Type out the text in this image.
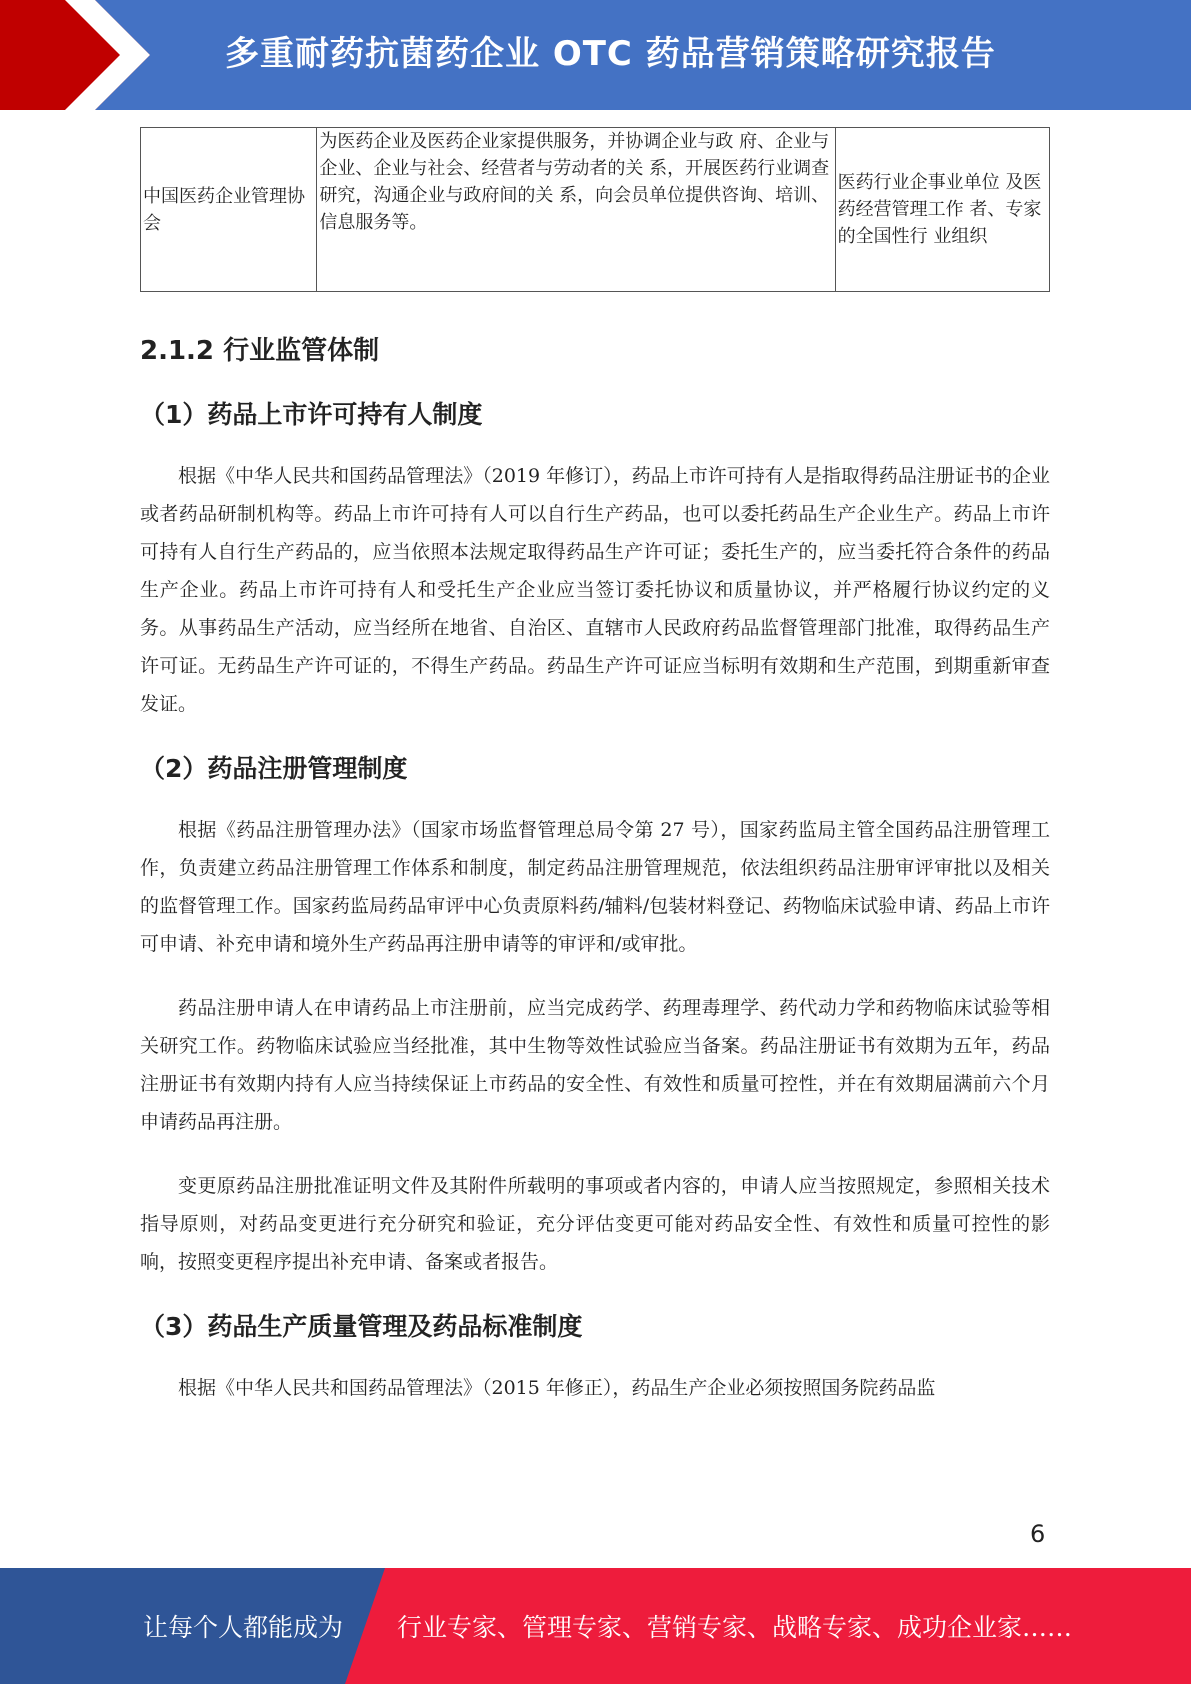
多重耐药抗菌药企业 OTC 药品营销策略研究报告
中国医药企业管理协会	为医药企业及医药企业家提供服务，并协调企业与政 府、企业与企业、企业与社会、经营者与劳动者的关 系，开展医药行业调查研究，沟通企业与政府间的关 系，向会员单位提供咨询、培训、信息服务等。	医药行业企事业单位 及医药经营管理工作 者、专家的全国性行 业组织
2.1.2 行业监管体制
（1）药品上市许可持有人制度

根据《中华人民共和国药品管理法》（2019 年修订），药品上市许可持有人是指取得药品注册证书的企业或者药品研制机构等。药品上市许可持有人可以自行生产药品，也可以委托药品生产企业生产。药品上市许可持有人自行生产药品的，应当依照本法规定取得药品生产许可证；委托生产的，应当委托符合条件的药品生产企业。药品上市许可持有人和受托生产企业应当签订委托协议和质量协议，并严格履行协议约定的义务。从事药品生产活动，应当经所在地省、自治区、直辖市人民政府药品监督管理部门批准，取得药品生产许可证。无药品生产许可证的，不得生产药品。药品生产许可证应当标明有效期和生产范围，到期重新审查发证。

（2）药品注册管理制度

根据《药品注册管理办法》（国家市场监督管理总局令第 27 号），国家药监局主管全国药品注册管理工作，负责建立药品注册管理工作体系和制度，制定药品注册管理规范，依法组织药品注册审评审批以及相关的监督管理工作。国家药监局药品审评中心负责原料药/辅料/包装材料登记、药物临床试验申请、药品上市许可申请、补充申请和境外生产药品再注册申请等的审评和/或审批。

药品注册申请人在申请药品上市注册前，应当完成药学、药理毒理学、药代动力学和药物临床试验等相关研究工作。药物临床试验应当经批准，其中生物等效性试验应当备案。药品注册证书有效期为五年，药品注册证书有效期内持有人应当持续保证上市药品的安全性、有效性和质量可控性，并在有效期届满前六个月申请药品再注册。

变更原药品注册批准证明文件及其附件所载明的事项或者内容的，申请人应当按照规定，参照相关技术指导原则，对药品变更进行充分研究和验证，充分评估变更可能对药品安全性、有效性和质量可控性的影响，按照变更程序提出补充申请、备案或者报告。

（3）药品生产质量管理及药品标准制度

根据《中华人民共和国药品管理法》（2015 年修正），药品生产企业必须按照国务院药品监

6
让每个人都能成为 行业专家、管理专家、营销专家、战略专家、成功企业家……
